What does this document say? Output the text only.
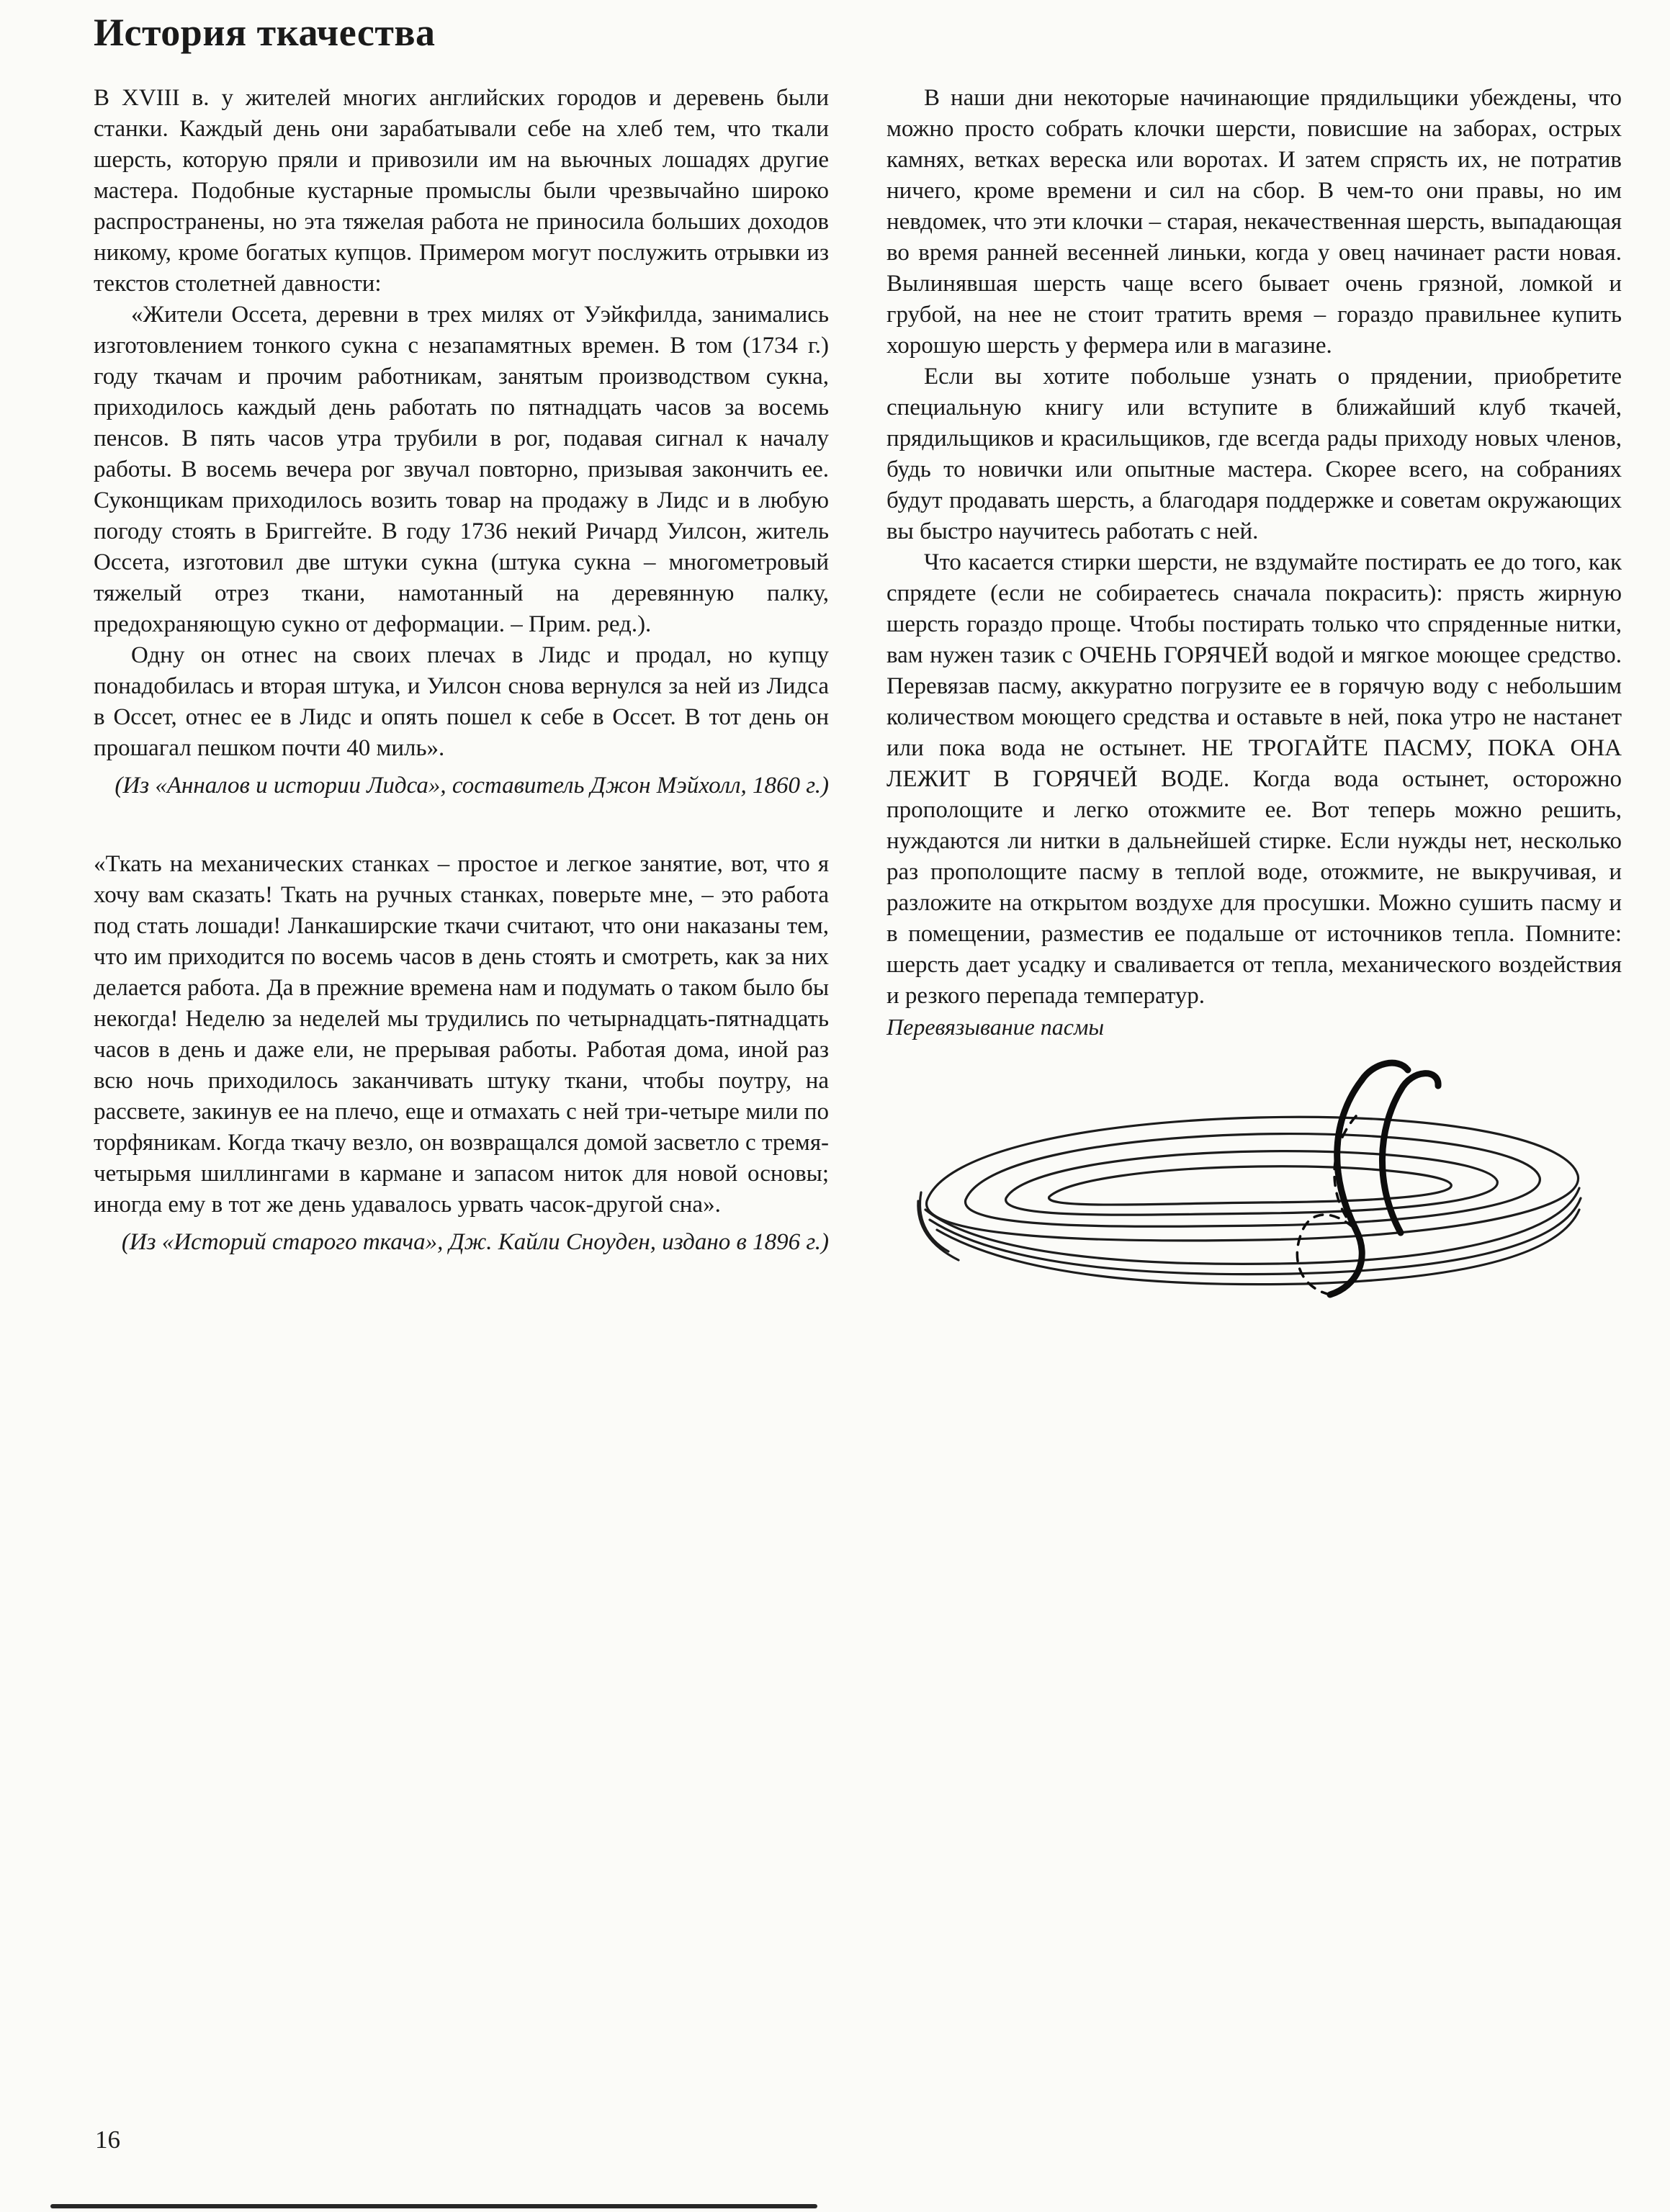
История ткачества

В XVIII в. у жителей многих английских городов и деревень были станки. Каждый день они зарабатывали себе на хлеб тем, что ткали шерсть, которую пряли и привозили им на вьючных лошадях другие мастера. Подобные кустарные промыслы были чрезвычайно широко распространены, но эта тяжелая работа не приносила больших доходов никому, кроме богатых купцов. Примером могут послужить отрывки из текстов столетней давности:

«Жители Оссета, деревни в трех милях от Уэйкфилда, занимались изготовлением тонкого сукна с незапамятных времен. В том (1734 г.) году ткачам и прочим работникам, занятым производством сукна, приходилось каждый день работать по пятнадцать часов за восемь пенсов. В пять часов утра трубили в рог, подавая сигнал к началу работы. В восемь вечера рог звучал повторно, призывая закончить ее. Суконщикам приходилось возить товар на продажу в Лидс и в любую погоду стоять в Бриггейте. В году 1736 некий Ричард Уилсон, житель Оссета, изготовил две штуки сукна (штука сукна – многометровый тяжелый отрез ткани, намотанный на деревянную палку, предохраняющую сукно от деформации. – Прим. ред.).

Одну он отнес на своих плечах в Лидс и продал, но купцу понадобилась и вторая штука, и Уилсон снова вернулся за ней из Лидса в Оссет, отнес ее в Лидс и опять пошел к себе в Оссет. В тот день он прошагал пешком почти 40 миль».

(Из «Анналов и истории Лидса», составитель Джон Мэйхолл, 1860 г.)

«Ткать на механических станках – простое и легкое занятие, вот, что я хочу вам сказать! Ткать на ручных станках, поверьте мне, – это работа под стать лошади! Ланкаширские ткачи считают, что они наказаны тем, что им приходится по восемь часов в день стоять и смотреть, как за них делается работа. Да в прежние времена нам и подумать о таком было бы некогда! Неделю за неделей мы трудились по четырнадцать-пятнадцать часов в день и даже ели, не прерывая работы. Работая дома, иной раз всю ночь приходилось заканчивать штуку ткани, чтобы поутру, на рассвете, закинув ее на плечо, еще и отмахать с ней три-четыре мили по торфяникам. Когда ткачу везло, он возвращался домой засветло с тремя-четырьмя шиллингами в кармане и запасом ниток для новой основы; иногда ему в тот же день удавалось урвать часок-другой сна».

(Из «Историй старого ткача», Дж. Кайли Сноуден, издано в 1896 г.)

В наши дни некоторые начинающие прядильщики убеждены, что можно просто собрать клочки шерсти, повисшие на заборах, острых камнях, ветках вереска или воротах. И затем спрясть их, не потратив ничего, кроме времени и сил на сбор. В чем-то они правы, но им невдомек, что эти клочки – старая, некачественная шерсть, выпадающая во время ранней весенней линьки, когда у овец начинает расти новая. Вылинявшая шерсть чаще всего бывает очень грязной, ломкой и грубой, на нее не стоит тратить время – гораздо правильнее купить хорошую шерсть у фермера или в магазине.

Если вы хотите побольше узнать о прядении, приобретите специальную книгу или вступите в ближайший клуб ткачей, прядильщиков и красильщиков, где всегда рады приходу новых членов, будь то новички или опытные мастера. Скорее всего, на собраниях будут продавать шерсть, а благодаря поддержке и советам окружающих вы быстро научитесь работать с ней.

Что касается стирки шерсти, не вздумайте постирать ее до того, как спрядете (если не собираетесь сначала покрасить): прясть жирную шерсть гораздо проще. Чтобы постирать только что спряденные нитки, вам нужен тазик с ОЧЕНЬ ГОРЯЧЕЙ водой и мягкое моющее средство. Перевязав пасму, аккуратно погрузите ее в горячую воду с небольшим количеством моющего средства и оставьте в ней, пока утро не настанет или пока вода не остынет. НЕ ТРОГАЙТЕ ПАСМУ, ПОКА ОНА ЛЕЖИТ В ГОРЯЧЕЙ ВОДЕ. Когда вода остынет, осторожно прополощите и легко отожмите ее. Вот теперь можно решить, нуждаются ли нитки в дальнейшей стирке. Если нужды нет, несколько раз прополощите пасму в теплой воде, отожмите, не выкручивая, и разложите на открытом воздухе для просушки. Можно сушить пасму и в помещении, разместив ее подальше от источников тепла. Помните: шерсть дает усадку и сваливается от тепла, механического воздействия и резкого перепада температур.

Перевязывание пасмы

16
